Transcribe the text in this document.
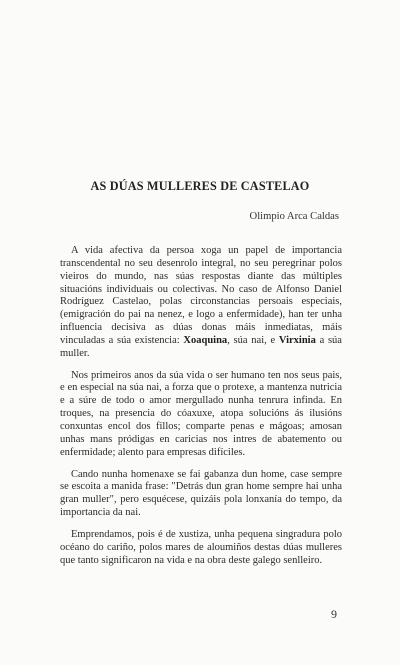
AS DÚAS MULLERES DE CASTELAO
Olimpio Arca Caldas

A vida afectiva da persoa xoga un papel de importancia transcendental no seu desenrolo integral, no seu peregrinar polos vieiros do mundo, nas súas respostas diante das múltiples situacións individuais ou colectivas. No caso de Alfonso Daniel Rodríguez Castelao, polas circonstancias persoais especiais, (emigración do pai na nenez, e logo a enfermidade), han ter unha influencia decisiva as dúas donas máis inmediatas, máis vinculadas a súa existencia: Xoaquina, súa nai, e Virxinia a súa muller.

Nos primeiros anos da súa vida o ser humano ten nos seus pais, e en especial na súa nai, a forza que o protexe, a mantenza nutricia e a súre de todo o amor mergullado nunha tenrura infinda. En troques, na presencia do cóaxuxe, atopa solucións ás ilusións conxuntas encol dos fillos; comparte penas e mágoas; amosan unhas mans pródigas en caricias nos intres de abatemento ou enfermidade; alento para empresas difíciles.

Cando nunha homenaxe se fai gabanza dun home, case sempre se escoita a manida frase: "Detrás dun gran home sempre hai unha gran muller", pero esquécese, quizáis pola lonxanía do tempo, da importancia da nai.

Emprendamos, pois é de xustiza, unha pequena singradura polo océano do cariño, polos mares de aloumiños destas dúas mulleres que tanto significaron na vida e na obra deste galego senlleiro.

9
